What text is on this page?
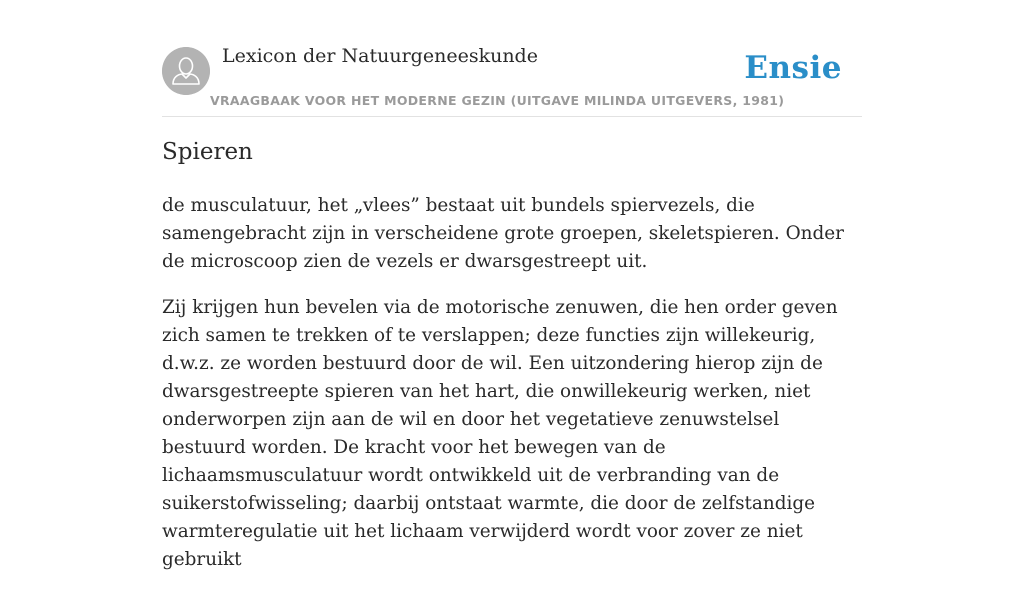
Lexicon der Natuurgeneeskunde
VRAAGBAAK VOOR HET MODERNE GEZIN (UITGAVE MILINDA UITGEVERS, 1981)
Ensie
Spieren

de musculatuur, het „vlees” bestaat uit bundels spiervezels, die samengebracht zijn in verscheidene grote groepen, skeletspieren. Onder de microscoop zien de vezels er dwarsgestreept uit.

Zij krijgen hun bevelen via de motorische zenuwen, die hen order geven zich samen te trekken of te verslappen; deze functies zijn willekeurig, d.w.z. ze worden bestuurd door de wil. Een uitzondering hierop zijn de dwarsgestreepte spieren van het hart, die onwillekeurig werken, niet onderworpen zijn aan de wil en door het vegetatieve zenuwstelsel bestuurd worden. De kracht voor het bewegen van de lichaamsmusculatuur wordt ontwikkeld uit de verbranding van de suikerstofwisseling; daarbij ontstaat warmte, die door de zelfstandige warmteregulatie uit het lichaam verwijderd wordt voor zover ze niet gebruikt
